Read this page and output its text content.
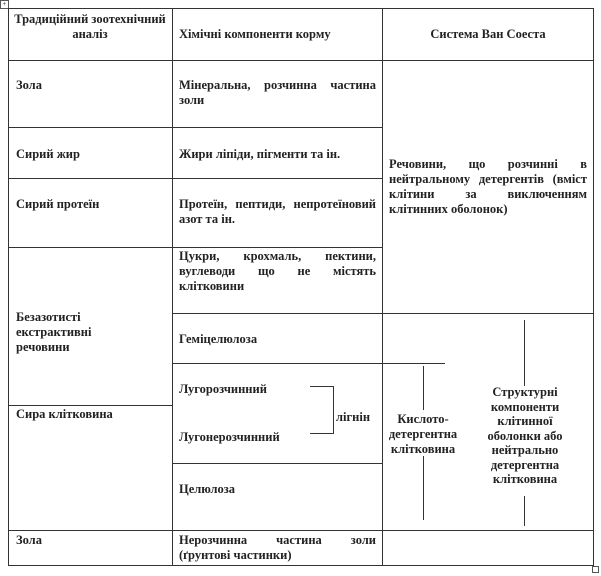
+
Традиційний зоотехнічний аналіз	Хімічні компоненти корму	Система Ван Соеста
Зола
Сирий жир
Сирий протеїн
Безазотисті екстрактивні речовини
Сира клітковина
Зола
Мінеральна, розчинна частина золи
Жири ліпіди, пігменти та ін.
Протеїн, пептиди, непротеїновий азот та ін.
Цукри, крохмаль, пектини, вуглеводи що не містять клітковини
Геміцелюлоза
Лугорозчинний
Лугонерозчинний
лігнін
Целюлоза
Нерозчинна частина золи (ґрунтові частинки)
Речовини, що розчинні в нейтральному детергентів (вміст клітини за виключенням клітинних оболонок)
Кислото-детергентна клітковина
Структурні компоненти клітинної оболонки або нейтрально детергентна клітковина
